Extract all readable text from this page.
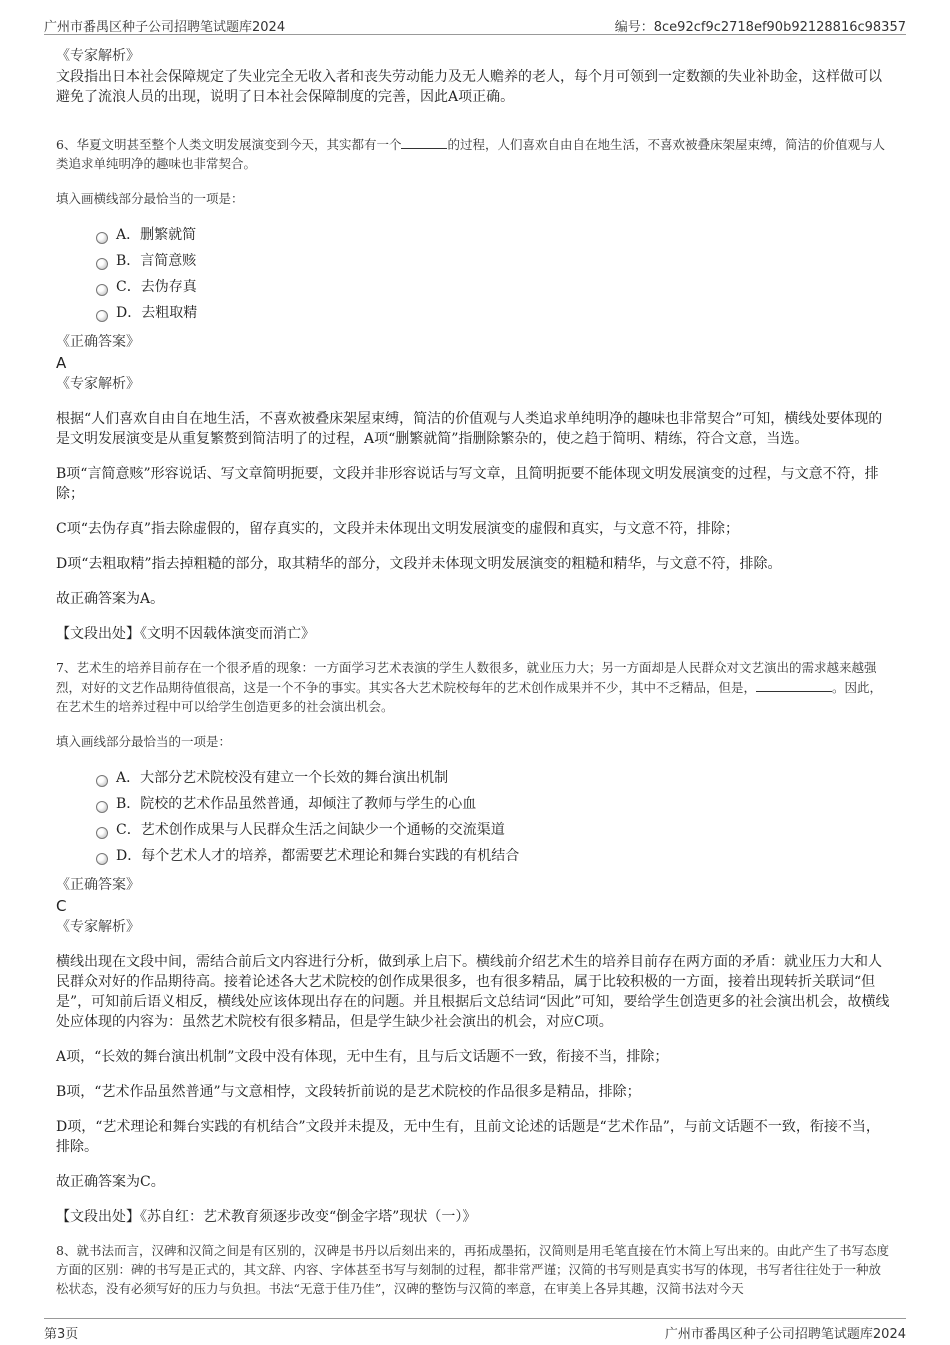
广州市番禺区种子公司招聘笔试题库2024	编号：8ce92cf9c2718ef90b92128816c98357
《专家解析》
文段指出日本社会保障规定了失业完全无收入者和丧失劳动能力及无人赡养的老人，每个月可领到一定数额的失业补助金，这样做可以避免了流浪人员的出现，说明了日本社会保障制度的完善，因此A项正确。
6、华夏文明甚至整个人类文明发展演变到今天，其实都有一个	的过程，人们喜欢自由自在地生活，不喜欢被叠床架屋束缚，简洁的价值观与人类追求单纯明净的趣味也非常契合。
填入画横线部分最恰当的一项是：
A．删繁就简
B．言简意赅
C．去伪存真
D．去粗取精
《正确答案》
A
《专家解析》
根据“人们喜欢自由自在地生活，不喜欢被叠床架屋束缚，简洁的价值观与人类追求单纯明净的趣味也非常契合”可知，横线处要体现的是文明发展演变是从重复繁赘到简洁明了的过程，A项“删繁就简”指删除繁杂的，使之趋于简明、精练，符合文意，当选。
B项“言简意赅”形容说话、写文章简明扼要，文段并非形容说话与写文章，且简明扼要不能体现文明发展演变的过程，与文意不符，排除；
C项“去伪存真”指去除虚假的，留存真实的，文段并未体现出文明发展演变的虚假和真实，与文意不符，排除；
D项“去粗取精”指去掉粗糙的部分，取其精华的部分，文段并未体现文明发展演变的粗糙和精华，与文意不符，排除。
故正确答案为A。
【文段出处】《文明不因载体演变而消亡》
7、艺术生的培养目前存在一个很矛盾的现象：一方面学习艺术表演的学生人数很多，就业压力大；另一方面却是人民群众对文艺演出的需求越来越强烈，对好的文艺作品期待值很高，这是一个不争的事实。其实各大艺术院校每年的艺术创作成果并不少，其中不乏精品，但是，	。因此，在艺术生的培养过程中可以给学生创造更多的社会演出机会。
填入画线部分最恰当的一项是：
A．大部分艺术院校没有建立一个长效的舞台演出机制
B．院校的艺术作品虽然普通，却倾注了教师与学生的心血
C．艺术创作成果与人民群众生活之间缺少一个通畅的交流渠道
D．每个艺术人才的培养，都需要艺术理论和舞台实践的有机结合
《正确答案》
C
《专家解析》
横线出现在文段中间，需结合前后文内容进行分析，做到承上启下。横线前介绍艺术生的培养目前存在两方面的矛盾：就业压力大和人民群众对好的作品期待高。接着论述各大艺术院校的创作成果很多，也有很多精品，属于比较积极的一方面，接着出现转折关联词“但是”，可知前后语义相反，横线处应该体现出存在的问题。并且根据后文总结词“因此”可知，要给学生创造更多的社会演出机会，故横线处应体现的内容为：虽然艺术院校有很多精品，但是学生缺少社会演出的机会，对应C项。
A项，“长效的舞台演出机制”文段中没有体现，无中生有，且与后文话题不一致，衔接不当，排除；
B项，“艺术作品虽然普通”与文意相悖，文段转折前说的是艺术院校的作品很多是精品，排除；
D项，“艺术理论和舞台实践的有机结合”文段并未提及，无中生有，且前文论述的话题是“艺术作品”，与前文话题不一致，衔接不当，排除。
故正确答案为C。
【文段出处】《苏自红：艺术教育须逐步改变“倒金字塔”现状（一）》
8、就书法而言，汉碑和汉简之间是有区别的，汉碑是书丹以后刻出来的，再拓成墨拓，汉简则是用毛笔直接在竹木简上写出来的。由此产生了书写态度方面的区别：碑的书写是正式的，其文辞、内容、字体甚至书写与刻制的过程，都非常严谨；汉简的书写则是真实书写的体现，书写者往往处于一种放松状态，没有必须写好的压力与负担。书法“无意于佳乃佳”，汉碑的整饬与汉简的率意，在审美上各异其趣，汉简书法对今天
第3页	广州市番禺区种子公司招聘笔试题库2024
